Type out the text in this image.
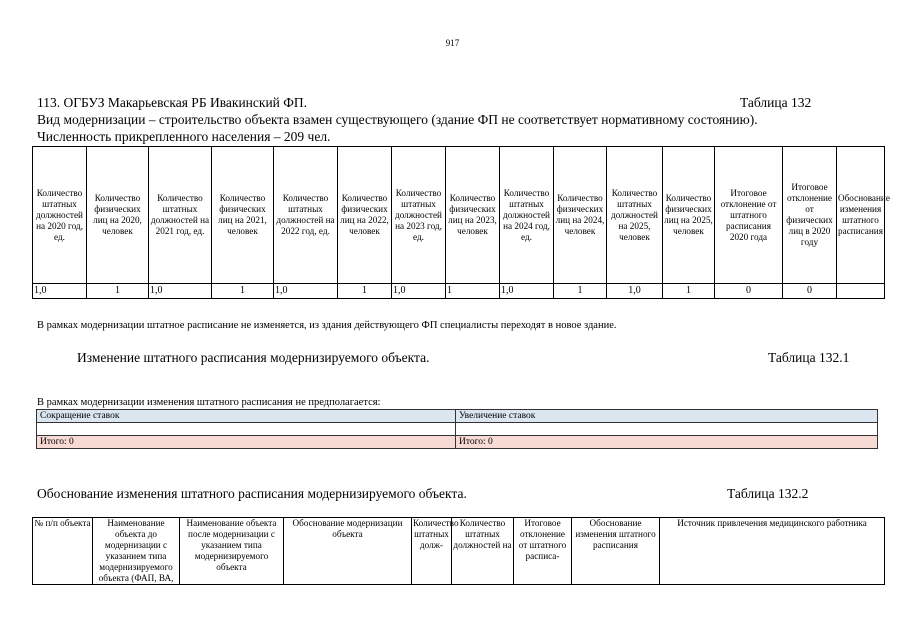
917
113. ОГБУЗ Макарьевская РБ Ивакинский ФП.	Таблица 132
Вид модернизации – строительство объекта взамен существующего (здание ФП не соответствует нормативному состоянию).
Численность прикрепленного населения – 209 чел.
Количество штатных должностей на 2020 год, ед.	Количество физических лиц на 2020, человек	Количество штатных должностей на 2021 год, ед.	Количество физических лиц на 2021, человек	Количество штатных должностей на 2022 год, ед.	Количество физических лиц на 2022, человек	Количество штатных должностей на 2023 год, ед.	Количество физических лиц на 2023, человек	Количество штатных должностей на 2024 год, ед.	Количество физических лиц на 2024, человек	Количество штатных должностей на 2025, человек	Количество физических лиц на 2025, человек	Итоговое отклонение от штатного расписания 2020 года	Итоговое отклонение от физических лиц в 2020 году	Обоснование изменения штатного расписания
1,0	1	1,0	1	1,0	1	1,0	1	1,0	1	1,0	1	0	0	
В рамках модернизации штатное расписание не изменяется, из здания действующего ФП специалисты переходят в новое здание.
Изменение штатного расписания модернизируемого объекта.	Таблица 132.1
В рамках модернизации изменения штатного расписания не предполагается:
Сокращение ставок	Увеличение ставок

Итого: 0	Итого: 0
Обоснование изменения штатного расписания модернизируемого объекта.	Таблица 132.2
№ п/п объекта	Наименование объекта до модернизации с указанием типа модернизируемого объекта (ФАП, ВА,	Наименование объекта после модернизации с указанием типа модернизируемого объекта	Обоснование модернизации объекта	Количество штатных долж-	Количество штатных должностей на	Итоговое отклонение от штатного расписа-	Обоснование изменения штатного расписания	Источник привлечения медицинского работника
